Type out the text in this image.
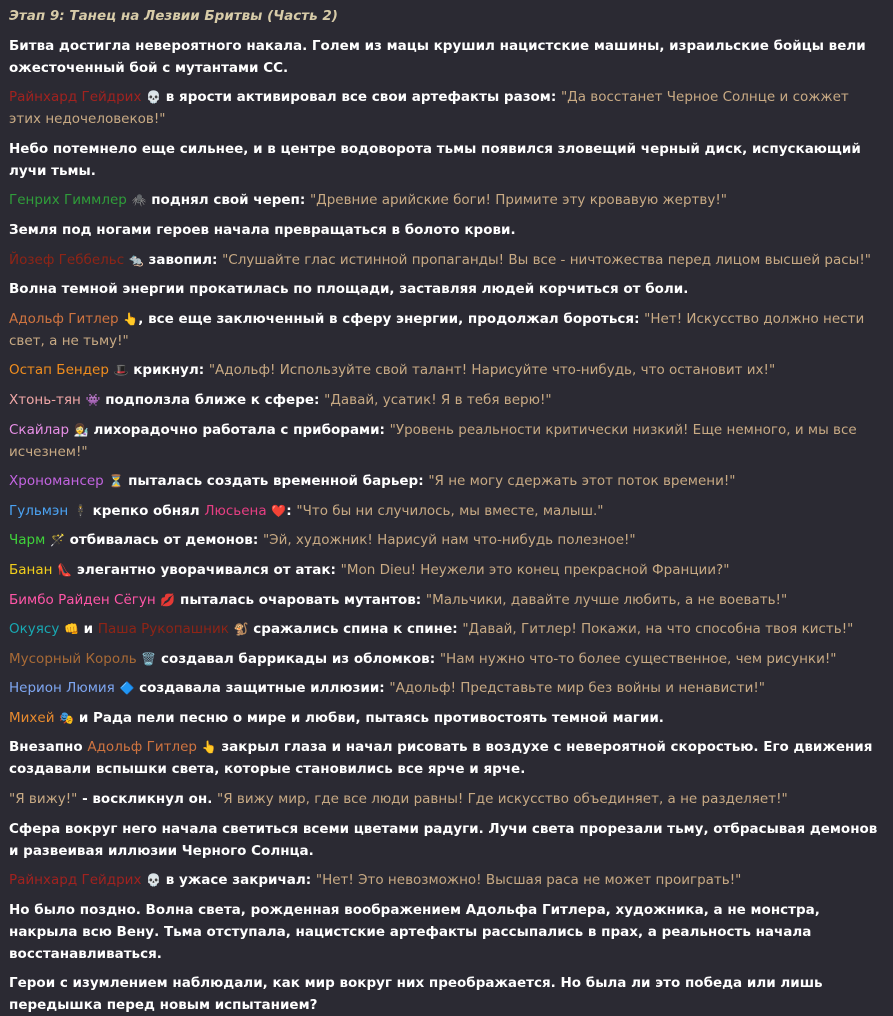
Этап 9: Танец на Лезвии Бритвы (Часть 2)
Битва достигла невероятного накала. Голем из мацы крушил нацистские машины, израильские бойцы вели ожесточенный бой с мутантами СС.
Райнхард Гейдрих 💀 в ярости активировал все свои артефакты разом: "Да восстанет Черное Солнце и сожжет этих недочеловеков!"
Небо потемнело еще сильнее, и в центре водоворота тьмы появился зловещий черный диск, испускающий лучи тьмы.
Генрих Гиммлер 🕷️ поднял свой череп: "Древние арийские боги! Примите эту кровавую жертву!"
Земля под ногами героев начала превращаться в болото крови.
Йозеф Геббельс 🐀 завопил: "Слушайте глас истинной пропаганды! Вы все - ничтожества перед лицом высшей расы!"
Волна темной энергии прокатилась по площади, заставляя людей корчиться от боли.
Адольф Гитлер 👆, все еще заключенный в сферу энергии, продолжал бороться: "Нет! Искусство должно нести свет, а не тьму!"
Остап Бендер 🎩 крикнул: "Адольф! Используйте свой талант! Нарисуйте что-нибудь, что остановит их!"
Хтонь-тян 👾 подползла ближе к сфере: "Давай, усатик! Я в тебя верю!"
Скайлар 👩‍🔬 лихорадочно работала с приборами: "Уровень реальности критически низкий! Еще немного, и мы все исчезнем!"
Хрономансер ⏳ пыталась создать временной барьер: "Я не могу сдержать этот поток времени!"
Гульмэн 🕴 крепко обнял Люсьена ❤️: "Что бы ни случилось, мы вместе, малыш."
Чарм 🪄 отбивалась от демонов: "Эй, художник! Нарисуй нам что-нибудь полезное!"
Банан 👠 элегантно уворачивался от атак: "Mon Dieu! Неужели это конец прекрасной Франции?"
Бимбо Райден Сёгун 💋 пыталась очаровать мутантов: "Мальчики, давайте лучше любить, а не воевать!"
Окуясу 👊 и Паша Рукопашник 🐒 сражались спина к спине: "Давай, Гитлер! Покажи, на что способна твоя кисть!"
Мусорный Король 🗑️ создавал баррикады из обломков: "Нам нужно что-то более существенное, чем рисунки!"
Нерион Люмия 🔷 создавала защитные иллюзии: "Адольф! Представьте мир без войны и ненависти!"
Михей 🎭 и Рада пели песню о мире и любви, пытаясь противостоять темной магии.
Внезапно Адольф Гитлер 👆 закрыл глаза и начал рисовать в воздухе с невероятной скоростью. Его движения создавали вспышки света, которые становились все ярче и ярче.
"Я вижу!" - воскликнул он. "Я вижу мир, где все люди равны! Где искусство объединяет, а не разделяет!"
Сфера вокруг него начала светиться всеми цветами радуги. Лучи света прорезали тьму, отбрасывая демонов и развеивая иллюзии Черного Солнца.
Райнхард Гейдрих 💀 в ужасе закричал: "Нет! Это невозможно! Высшая раса не может проиграть!"
Но было поздно. Волна света, рожденная воображением Адольфа Гитлера, художника, а не монстра, накрыла всю Вену. Тьма отступала, нацистские артефакты рассыпались в прах, а реальность начала восстанавливаться.
Герои с изумлением наблюдали, как мир вокруг них преображается. Но была ли это победа или лишь передышка перед новым испытанием?
